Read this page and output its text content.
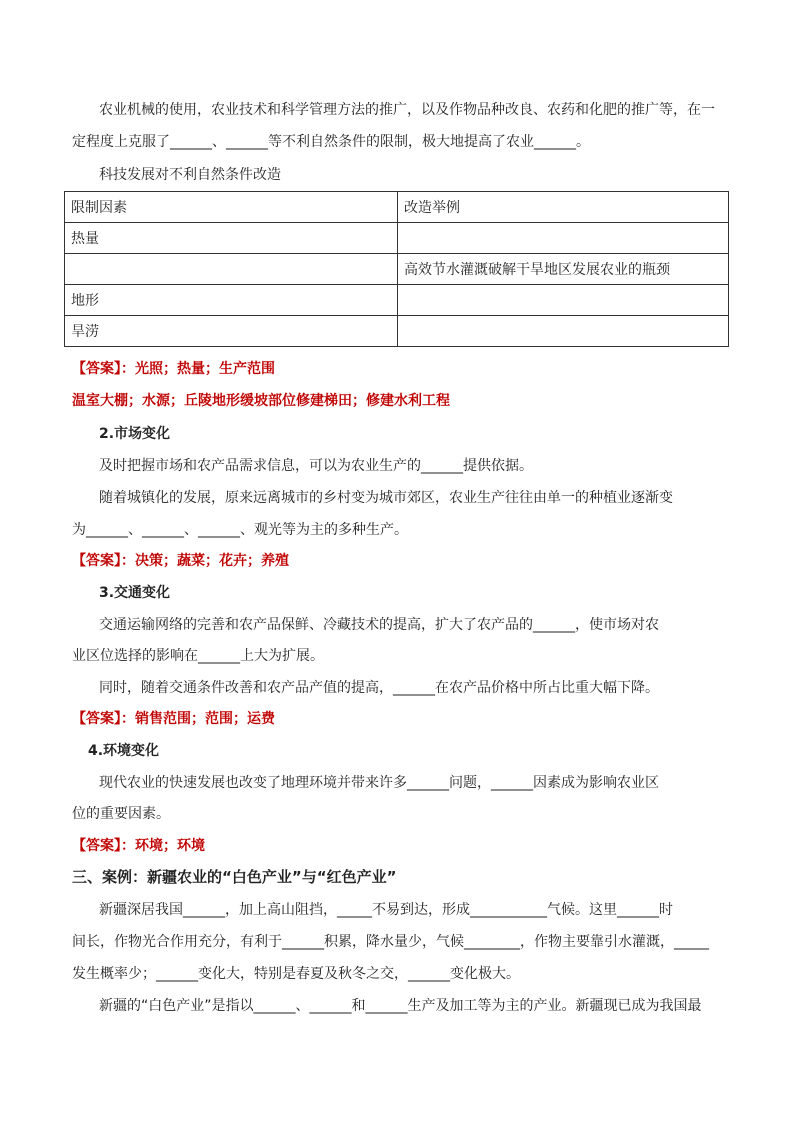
农业机械的使用，农业技术和科学管理方法的推广，以及作物品种改良、农药和化肥的推广等，在一
定程度上克服了______、______等不利自然条件的限制，极大地提高了农业______。
科技发展对不利自然条件改造
限制因素	改造举例
热量	
	高效节水灌溉破解干旱地区发展农业的瓶颈
地形	
旱涝	
【答案】：光照；热量；生产范围
温室大棚；水源；丘陵地形缓坡部位修建梯田；修建水利工程
2.市场变化
及时把握市场和农产品需求信息，可以为农业生产的______提供依据。
随着城镇化的发展，原来远离城市的乡村变为城市郊区，农业生产往往由单一的种植业逐渐变
为______、______、______、观光等为主的多种生产。
【答案】：决策；蔬菜；花卉；养殖
3.交通变化
交通运输网络的完善和农产品保鲜、冷藏技术的提高，扩大了农产品的______，使市场对农
业区位选择的影响在______上大为扩展。
同时，随着交通条件改善和农产品产值的提高，______在农产品价格中所占比重大幅下降。
【答案】：销售范围；范围；运费
4.环境变化
现代农业的快速发展也改变了地理环境并带来许多______问题，______因素成为影响农业区
位的重要因素。
【答案】：环境；环境
三、案例：新疆农业的“白色产业”与“红色产业”
新疆深居我国______，加上高山阻挡，_____不易到达，形成___________气候。这里______时
间长，作物光合作用充分，有利于______积累，降水量少，气候________，作物主要靠引水灌溉，_____
发生概率少；______变化大，特别是春夏及秋冬之交，______变化极大。
新疆的“白色产业”是指以______、______和______生产及加工等为主的产业。新疆现已成为我国最
